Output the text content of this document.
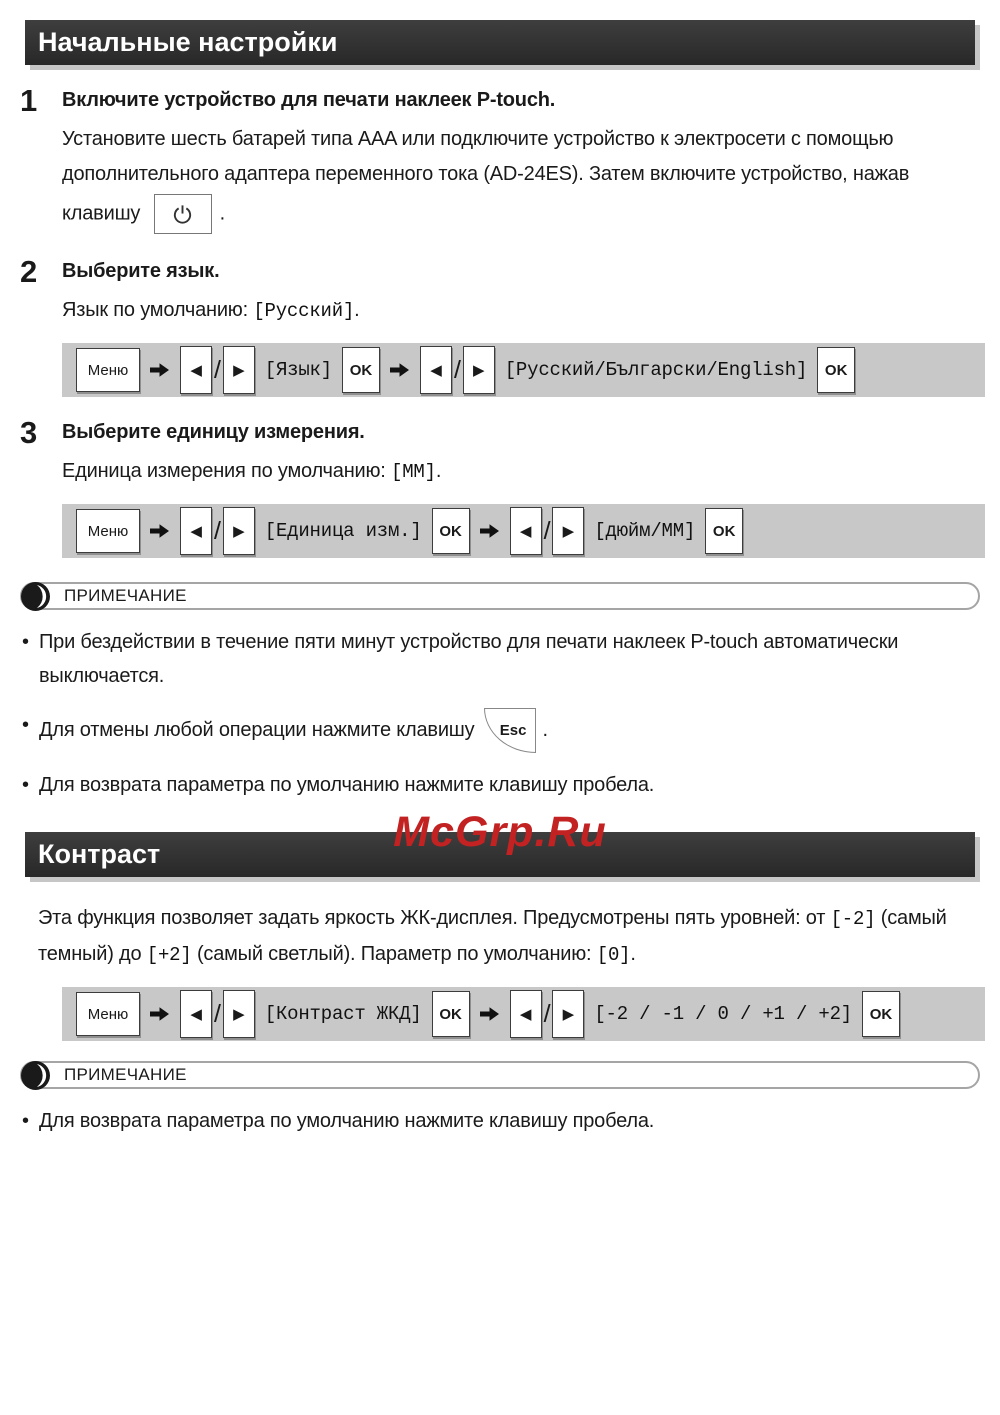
Начальные настройки
1	Включите устройство для печати наклеек P-touch.
Установите шесть батарей типа AAA или подключите устройство к электросети с помощью дополнительного адаптера переменного тока (AD-24ES). Затем включите устройство, нажав клавишу	.
2	Выберите язык.
Язык по умолчанию: [Русский].
Меню	◀ / ▶	[Язык]	OK	◀ / ▶	[Русский/Български/English]	OK
3	Выберите единицу измерения.
Единица измерения по умолчанию: [MM].
Меню	◀ / ▶	[Единица изм.]	OK	◀ / ▶	[дюйм/MM]	OK
ПРИМЕЧАНИЕ
• При бездействии в течение пяти минут устройство для печати наклеек P-touch автоматически выключается.
• Для отмены любой операции нажмите клавишу Esc .
• Для возврата параметра по умолчанию нажмите клавишу пробела.
McGrp.Ru
Контраст
Эта функция позволяет задать яркость ЖК-дисплея. Предусмотрены пять уровней: от [-2] (самый темный) до [+2] (самый светлый). Параметр по умолчанию: [0].
Меню	◀ / ▶	[Контраст ЖКД]	OK	◀ / ▶	[-2 / -1 / 0 / +1 / +2]	OK
ПРИМЕЧАНИЕ
• Для возврата параметра по умолчанию нажмите клавишу пробела.
